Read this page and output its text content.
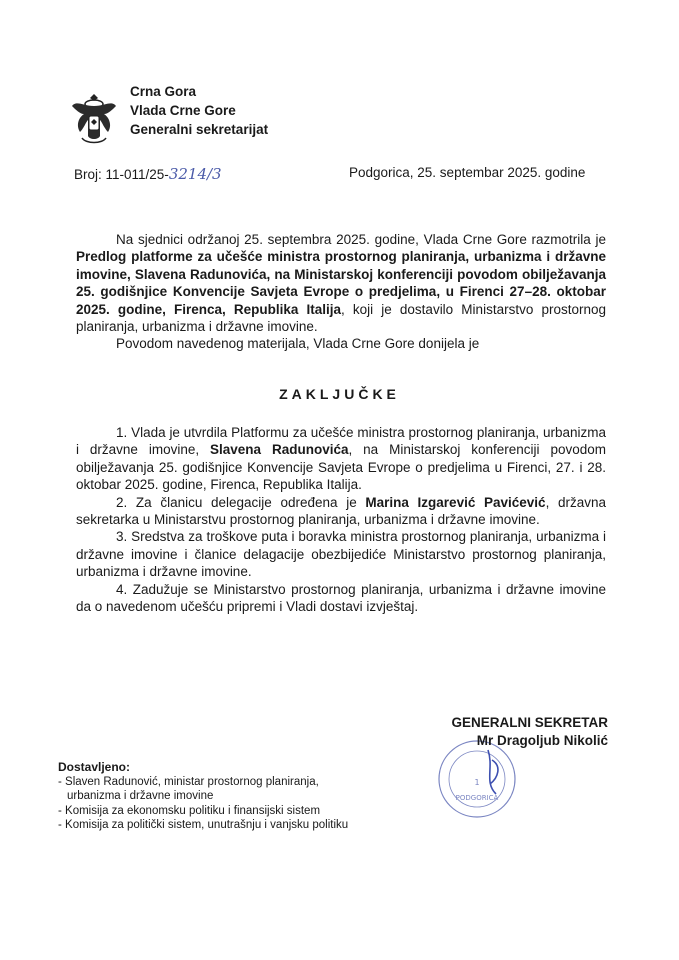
Crna Gora
Vlada Crne Gore
Generalni sekretarijat
Broj: 11-011/25-3214/3	Podgorica, 25. septembar 2025. godine

Na sjednici održanoj 25. septembra 2025. godine, Vlada Crne Gore razmotrila je Predlog platforme za učešće ministra prostornog planiranja, urbanizma i državne imovine, Slavena Radunovića, na Ministarskoj konferenciji povodom obilježavanja 25. godišnjice Konvencije Savjeta Evrope o predjelima, u Firenci 27–28. oktobar 2025. godine, Firenca, Republika Italija, koji je dostavilo Ministarstvo prostornog planiranja, urbanizma i državne imovine.

Povodom navedenog materijala, Vlada Crne Gore donijela je

ZAKLJUČKE

1. Vlada je utvrdila Platformu za učešće ministra prostornog planiranja, urbanizma i državne imovine, Slavena Radunovića, na Ministarskoj konferenciji povodom obilježavanja 25. godišnjice Konvencije Savjeta Evrope o predjelima u Firenci, 27. i 28. oktobar 2025. godine, Firenca, Republika Italija.

2. Za članicu delegacije određena je Marina Izgarević Pavićević, državna sekretarka u Ministarstvu prostornog planiranja, urbanizma i državne imovine.

3. Sredstva za troškove puta i boravka ministra prostornog planiranja, urbanizma i državne imovine i članice delagacije obezbijediće Ministarstvo prostornog planiranja, urbanizma i državne imovine.

4. Zadužuje se Ministarstvo prostornog planiranja, urbanizma i državne imovine da o navedenom učešću pripremi i Vladi dostavi izvještaj.

1
PODGORICA
GENERALNI SEKRETAR
Mr Dragoljub Nikolić
Dostavljeno:
- Slaven Radunović, ministar prostornog planiranja,
urbanizma i državne imovine
- Komisija za ekonomsku politiku i finansijski sistem
- Komisija za politički sistem, unutrašnju i vanjsku politiku
